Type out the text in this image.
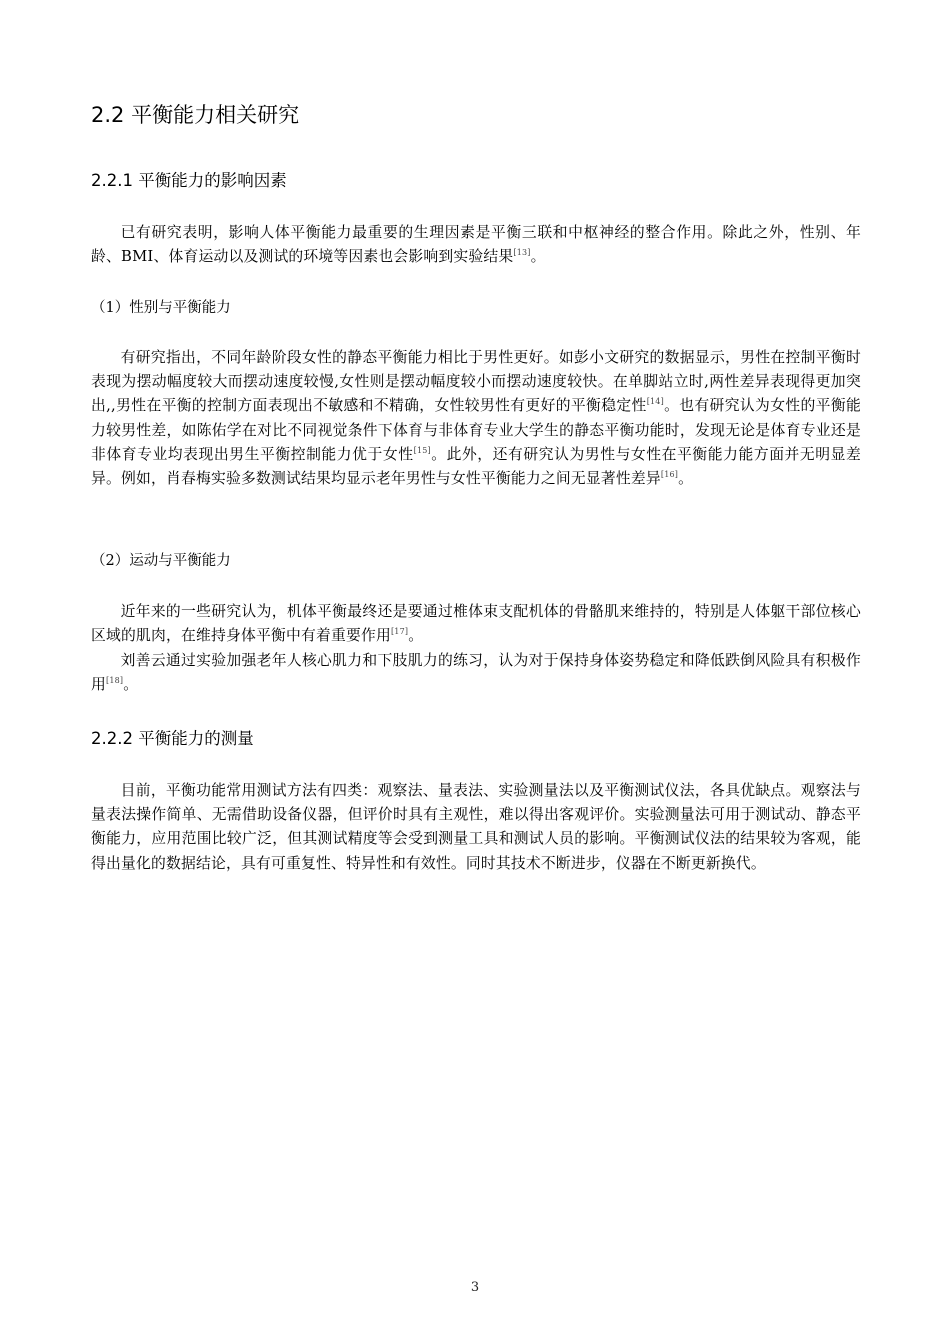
2.2 平衡能力相关研究
2.2.1 平衡能力的影响因素

已有研究表明，影响人体平衡能力最重要的生理因素是平衡三联和中枢神经的整合作用。除此之外，性别、年龄、BMI、体育运动以及测试的环境等因素也会影响到实验结果[13]。

（1）性别与平衡能力

有研究指出，不同年龄阶段女性的静态平衡能力相比于男性更好。如彭小文研究的数据显示，男性在控制平衡时表现为摆动幅度较大而摆动速度较慢,女性则是摆动幅度较小而摆动速度较快。在单脚站立时,两性差异表现得更加突出,,男性在平衡的控制方面表现出不敏感和不精确，女性较男性有更好的平衡稳定性[14]。也有研究认为女性的平衡能力较男性差，如陈佑学在对比不同视觉条件下体育与非体育专业大学生的静态平衡功能时，发现无论是体育专业还是非体育专业均表现出男生平衡控制能力优于女性[15]。此外，还有研究认为男性与女性在平衡能力能方面并无明显差异。例如，肖春梅实验多数测试结果均显示老年男性与女性平衡能力之间无显著性差异[16]。

（2）运动与平衡能力

近年来的一些研究认为，机体平衡最终还是要通过椎体束支配机体的骨骼肌来维持的，特别是人体躯干部位核心区域的肌肉，在维持身体平衡中有着重要作用[17]。

刘善云通过实验加强老年人核心肌力和下肢肌力的练习，认为对于保持身体姿势稳定和降低跌倒风险具有积极作用[18]。

2.2.2 平衡能力的测量

目前，平衡功能常用测试方法有四类：观察法、量表法、实验测量法以及平衡测试仪法，各具优缺点。观察法与量表法操作简单、无需借助设备仪器，但评价时具有主观性，难以得出客观评价。实验测量法可用于测试动、静态平衡能力，应用范围比较广泛，但其测试精度等会受到测量工具和测试人员的影响。平衡测试仪法的结果较为客观，能得出量化的数据结论，具有可重复性、特异性和有效性。同时其技术不断进步，仪器在不断更新换代。

3
